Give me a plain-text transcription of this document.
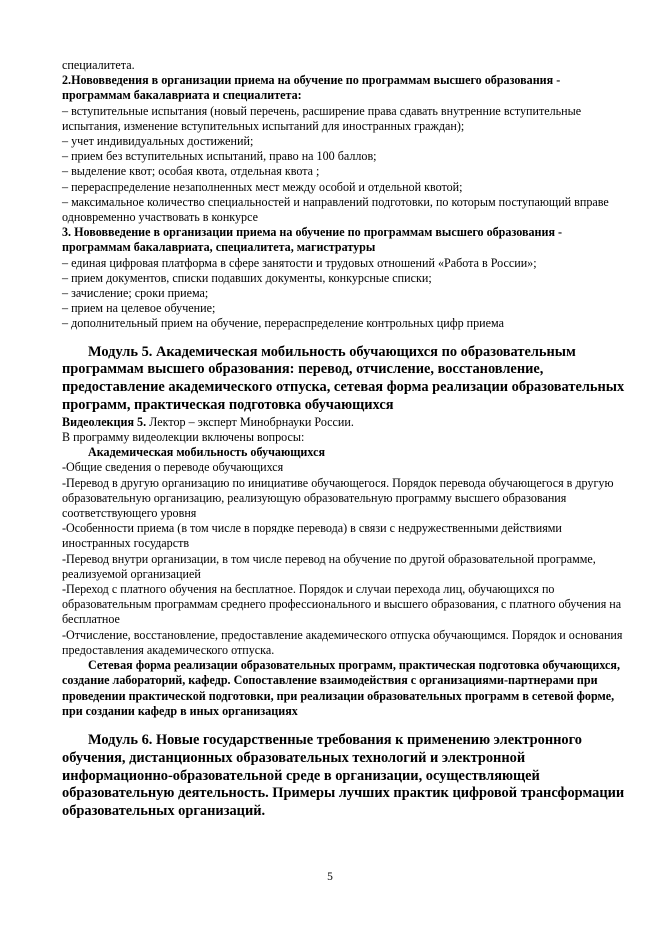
специалитета.

2.Нововведения в организации приема на обучение по программам высшего образования - программам бакалавриата и специалитета:

– вступительные испытания (новый перечень, расширение права сдавать внутренние вступительные испытания, изменение вступительных испытаний для иностранных граждан);

– учет индивидуальных достижений;

– прием без вступительных испытаний, право на 100 баллов;

– выделение квот; особая квота, отдельная квота ;

– перераспределение незаполненных мест между особой и отдельной квотой;

– максимальное количество специальностей и направлений подготовки, по которым поступающий вправе одновременно участвовать в конкурсе

3. Нововведение в организации приема на обучение по программам высшего образования - программам бакалавриата, специалитета, магистратуры

– единая цифровая платформа в сфере занятости и трудовых отношений «Работа в России»;

– прием документов, списки подавших документы, конкурсные списки;

– зачисление; сроки приема;

– прием на целевое обучение;

– дополнительный прием на обучение, перераспределение контрольных цифр приема

Модуль 5. Академическая мобильность обучающихся по образовательным программам высшего образования: перевод, отчисление, восстановление, предоставление академического отпуска, сетевая форма реализации образовательных программ, практическая подготовка обучающихся

Видеолекция 5. Лектор – эксперт Минобрнауки России.

В программу видеолекции включены вопросы:

Академическая мобильность обучающихся

-Общие сведения о переводе обучающихся

-Перевод в другую организацию по инициативе обучающегося. Порядок перевода обучающегося в другую образовательную организацию, реализующую образовательную программу высшего образования соответствующего уровня

-Особенности приема (в том числе в порядке перевода) в связи с недружественными действиями иностранных государств

-Перевод внутри организации, в том числе перевод на обучение по другой образовательной программе, реализуемой организацией

-Переход с платного обучения на бесплатное. Порядок и случаи перехода лиц, обучающихся по образовательным программам среднего профессионального и высшего образования, с платного обучения на бесплатное

-Отчисление, восстановление, предоставление академического отпуска обучающимся. Порядок и основания предоставления академического отпуска.

Сетевая форма реализации образовательных программ, практическая подготовка обучающихся, создание лабораторий, кафедр. Сопоставление взаимодействия с организациями-партнерами при проведении практической подготовки, при реализации образовательных программ в сетевой форме, при создании кафедр в иных организациях

Модуль 6. Новые государственные требования к применению электронного обучения, дистанционных образовательных технологий и электронной информационно-образовательной среде в организации, осуществляющей образовательную деятельность. Примеры лучших практик цифровой трансформации образовательных организаций.

5
